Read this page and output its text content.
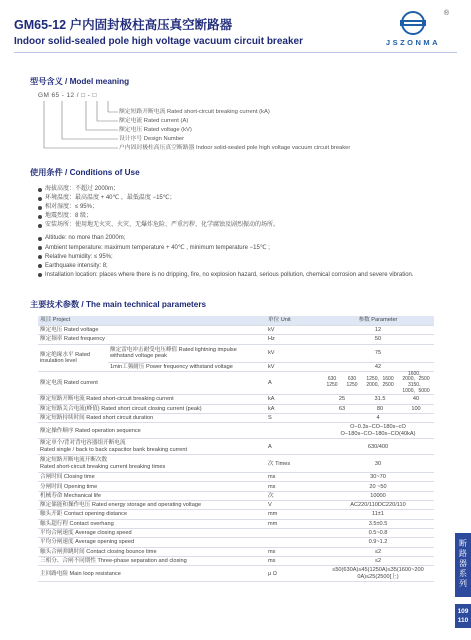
GM65-12 户内固封极柱高压真空断路器
Indoor solid-sealed pole high voltage vacuum circuit breaker
®
JSZONMA
型号含义 / Model meaning
GM 65 - 12 / □ - □
额定短路开断电流 Rated short-circuit breaking current (kA)
额定电流 Rated current (A)
额定电压 Rated voltage (kV)
设计序号 Design Number
户内固封极柱高压真空断路器 Indoor solid-sealed pole high voltage vacuum circuit breaker
使用条件 / Conditions of Use
海拔高度：不超过 2000m；
环境温度：最高温度 + 40℃ ，最低温度 −15℃；
相对湿度：≤ 95%；
地震烈度：8 级；
安装场所：使用地无火灾、火灾、无爆炸危险、严重污秽、化学腐蚀及剧烈振动的场所。
Altitude: no more than 2000m;
Ambient temperature: maximum temperature + 40℃ , minimum temperature −15℃ ;
Relative humidity: ≤ 95%;
Earthquake intensity: 8;
Installation location: places where there is no dripping, fire, no explosion hazard, serious pollution, chemical corrosion and severe vibration.
主要技术参数 / The main technical parameters
项目 Project		单位 Unit	参数 Parameter			
额定电压 Rated voltage		kV	12			
额定频率 Rated frequency		Hz	50			
额定绝缘水平 Rated insulation level	额定雷电冲击耐受电压峰值 Rated lightning impulse withstand voltage peak	kV	75			
	1min工频耐压 Power frequency withstand voltage	kV	42			
额定电流 Rated current		A	630 1250	630 1250	1250、1600 2000、2500	1600、2000、2500 3150、1000、5000
额定短路开断电流 Rated short-circuit breaking current		kA	25		31.5	40
额定短路关合电流(峰值) Rated short circuit closing current (peak)		kA	63		80	100
额定短路持续时间 Rated short circuit duration		S	4			
额定操作顺序 Rated operation sequence			O−0.3s−CO−180s−cO
O−180s−CO−180s−CO(40kA)			

额定单个/背对背电容器组开断电流
Rated single / back to back capacitor bank breaking current		A	630/400			

额定短路开断电流开断次数
Rated short-circuit breaking current breaking times		次 Times	30			
合闸时间 Closing time		ms	30~70			
分闸时间 Opening time		ms	20 ~50			
机械寿命 Mechanical life		次	10000			
额定储能和操作电压 Rated energy storage and operating voltage		V	AC220/110DC220/110			
触头开距 Contact opening distance		mm	11±1			
触头超行程 Contact overhang		mm	3.5±0.5			
平均合闸速度 Average closing speed			0.5~0.8			
平均分闸速度 Average opening speed			0.9~1.2			
触头合闸弹跳时间 Contact closing bounce time		ms	≤2			
三相分、合闸不同期性 Three-phase separation and closing		ms	≤2			
主回路电阻 Main loop resistance		μ Ω	≤50(630A)≤45(1250A)≤35(1600~200
0A)≤25(2500[上)			
断
路
器
系
列
109
110
